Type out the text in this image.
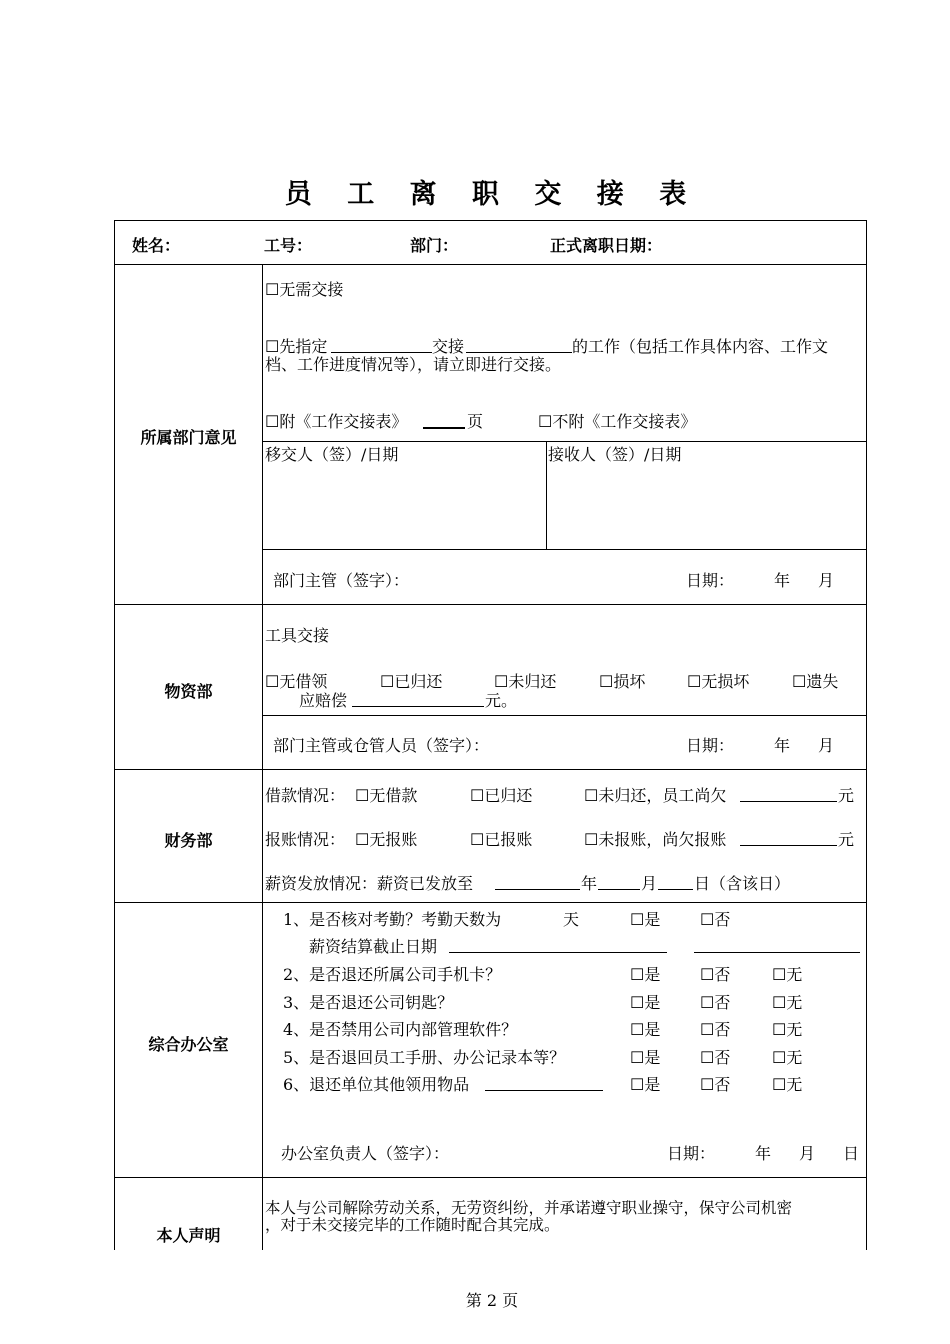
员 工 离 职 交 接 表
姓名：	工号：	部门：	正式离职日期：
所属部门意见
☐无需交接
☐先指定	交接	的工作（包括工作具体内容、工作文
档、工作进度情况等），请立即进行交接。
☐附《工作交接表》	页	☐不附《工作交接表》
移交人（签）/日期	接收人（签）/日期
部门主管（签字）：	日期： 年 月
物资部
工具交接
☐无借领	☐已归还	☐未归还	☐损坏	☐无损坏	☐遗失
应赔偿	元。
部门主管或仓管人员（签字）：	日期： 年 月
财务部
借款情况： ☐无借款	☐已归还	☐未归还，员工尚欠	元
报账情况： ☐无报账	☐已报账	☐未报账，尚欠报账	元
薪资发放情况：薪资已发放至	年	月 日（含该日）
综合办公室
1、是否核对考勤？考勤天数为	天	☐是 ☐否
薪资结算截止日期
2、是否退还所属公司手机卡？	☐是 ☐否	☐无
3、是否退还公司钥匙？	☐是 ☐否	☐无
4、是否禁用公司内部管理软件？	☐是 ☐否	☐无
5、是否退回员工手册、办公记录本等？	☐是 ☐否	☐无
6、退还单位其他领用物品	☐是 ☐否	☐无
办公室负责人（签字）：	日期： 年 月 日
本人声明
本人与公司解除劳动关系，无劳资纠纷，并承诺遵守职业操守，保守公司机密
，对于未交接完毕的工作随时配合其完成。
第 2 页
